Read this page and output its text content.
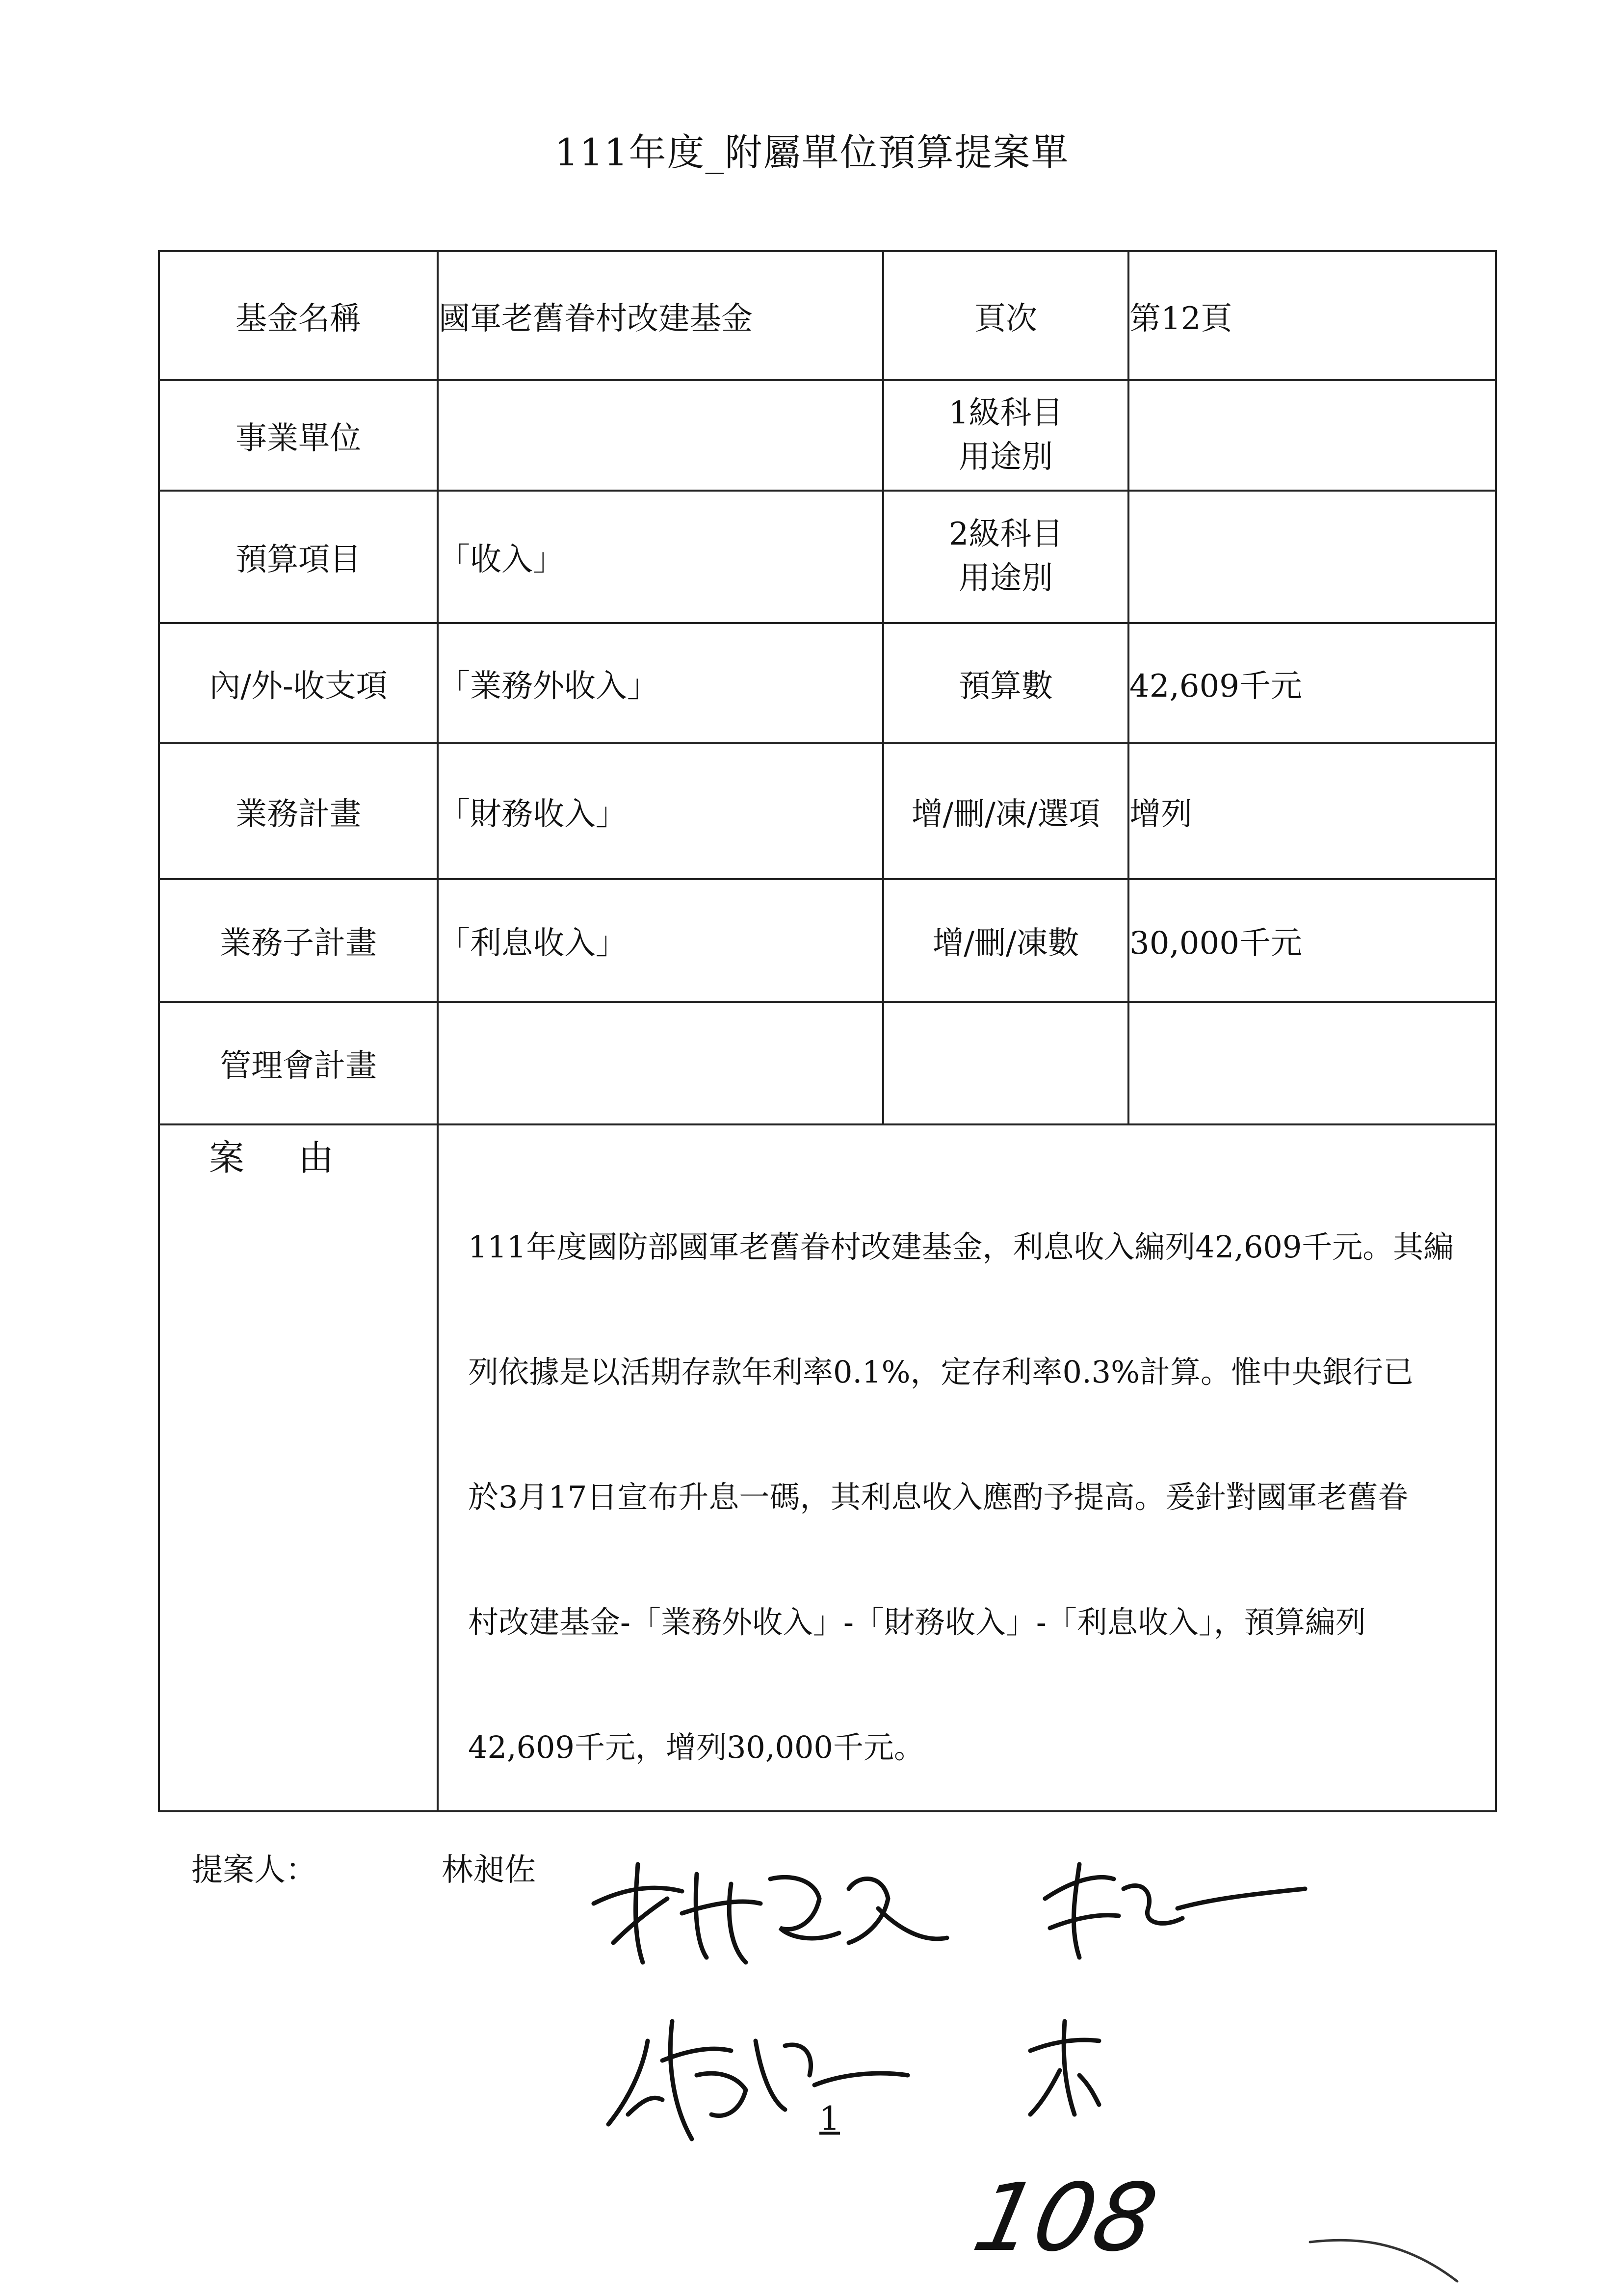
111年度_附屬單位預算提案單
基金名稱	國軍老舊眷村改建基金	頁次	第12頁
事業單位		1級科目
用途別	

預算項目	「收入」	2級科目
用途別	

內/外-收支項	「業務外收入」	預算數	42,609千元
業務計畫	「財務收入」	增/刪/凍/選項	增列
業務子計畫	「利息收入」	增/刪/凍數	30,000千元
管理會計畫			

案由	111年度國防部國軍老舊眷村改建基金，利息收入編列42,609千元。其編

列依據是以活期存款年利率0.1%，定存利率0.3%計算。惟中央銀行已

於3月17日宣布升息一碼，其利息收入應酌予提高。爰針對國軍老舊眷

村改建基金-「業務外收入」-「財務收入」-「利息收入」，預算編列

42,609千元，增列30,000千元。		

提案人：	林昶佐
1
108
